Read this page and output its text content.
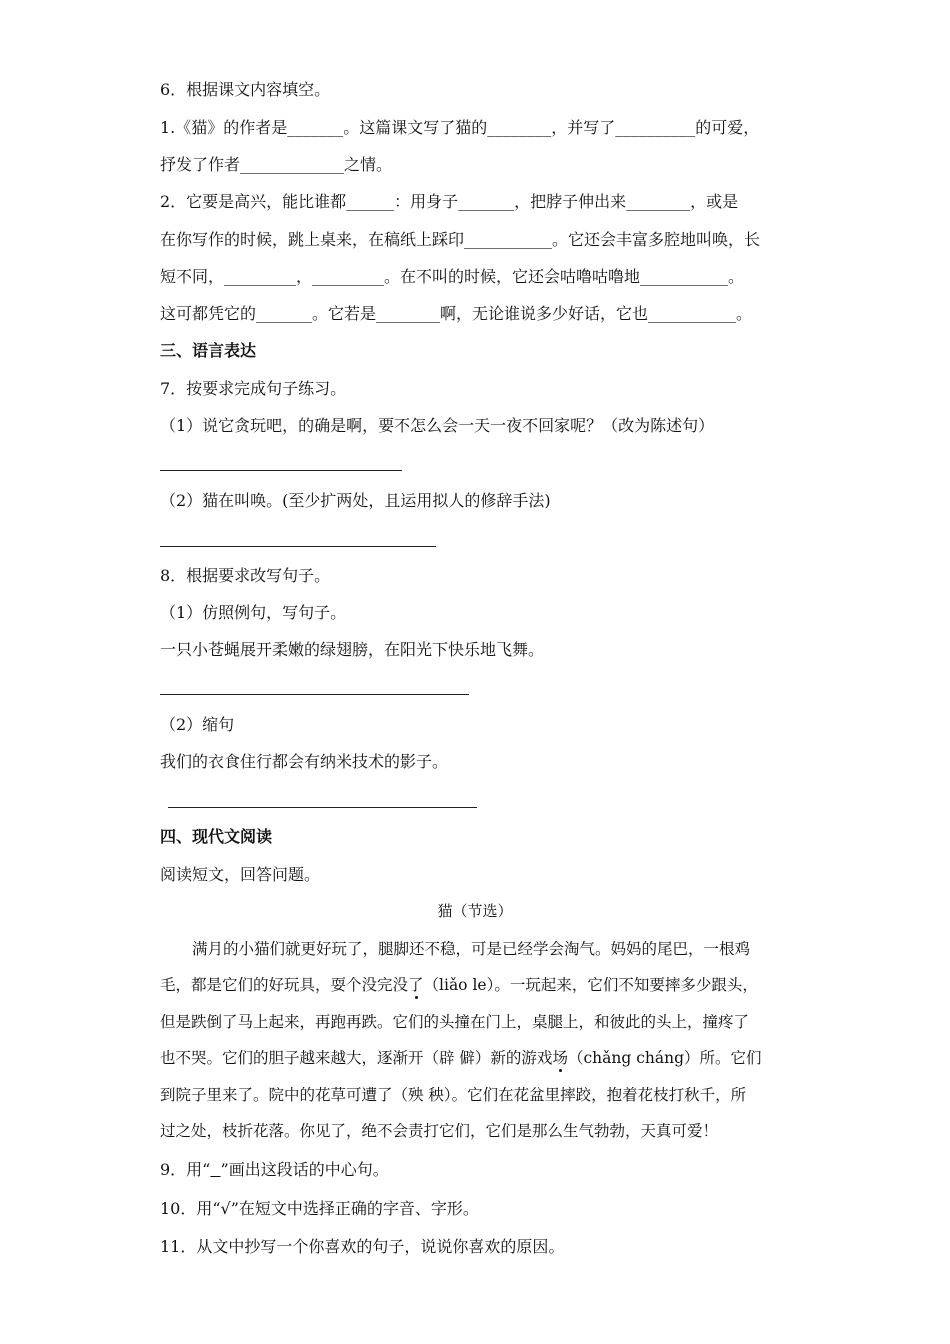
6．根据课文内容填空。
1.《猫》的作者是_______。这篇课文写了猫的________，并写了__________的可爱，
抒发了作者_____________之情。
2．它要是高兴，能比谁都______：用身子_______，把脖子伸出来________，或是
在你写作的时候，跳上桌来，在稿纸上踩印___________。它还会丰富多腔地叫唤，长
短不同，_________，_________。在不叫的时候，它还会咕噜咕噜地___________。
这可都凭它的_______。它若是________啊，无论谁说多少好话，它也___________。
三、语言表达
7．按要求完成句子练习。
（1）说它贪玩吧，的确是啊，要不怎么会一天一夜不回家呢？（改为陈述句）
（2）猫在叫唤。(至少扩两处，且运用拟人的修辞手法)
8．根据要求改写句子。
（1）仿照例句，写句子。
一只小苍蝇展开柔嫩的绿翅膀，在阳光下快乐地飞舞。
（2）缩句
我们的衣食住行都会有纳米技术的影子。
四、现代文阅读
阅读短文，回答问题。
猫（节选）
满月的小猫们就更好玩了，腿脚还不稳，可是已经学会淘气。妈妈的尾巴，一根鸡
毛，都是它们的好玩具，耍个没完没了（liǎo le）。一玩起来，它们不知要摔多少跟头，
但是跌倒了马上起来，再跑再跌。它们的头撞在门上，桌腿上，和彼此的头上，撞疼了
也不哭。它们的胆子越来越大，逐渐开（辟 僻）新的游戏场（chǎng cháng）所。它们
到院子里来了。院中的花草可遭了（殃 秧）。它们在花盆里摔跤，抱着花枝打秋千，所
过之处，枝折花落。你见了，绝不会责打它们，它们是那么生气勃勃，天真可爱！
9．用“ ”画出这段话的中心句。
10．用“√”在短文中选择正确的字音、字形。
11．从文中抄写一个你喜欢的句子，说说你喜欢的原因。
